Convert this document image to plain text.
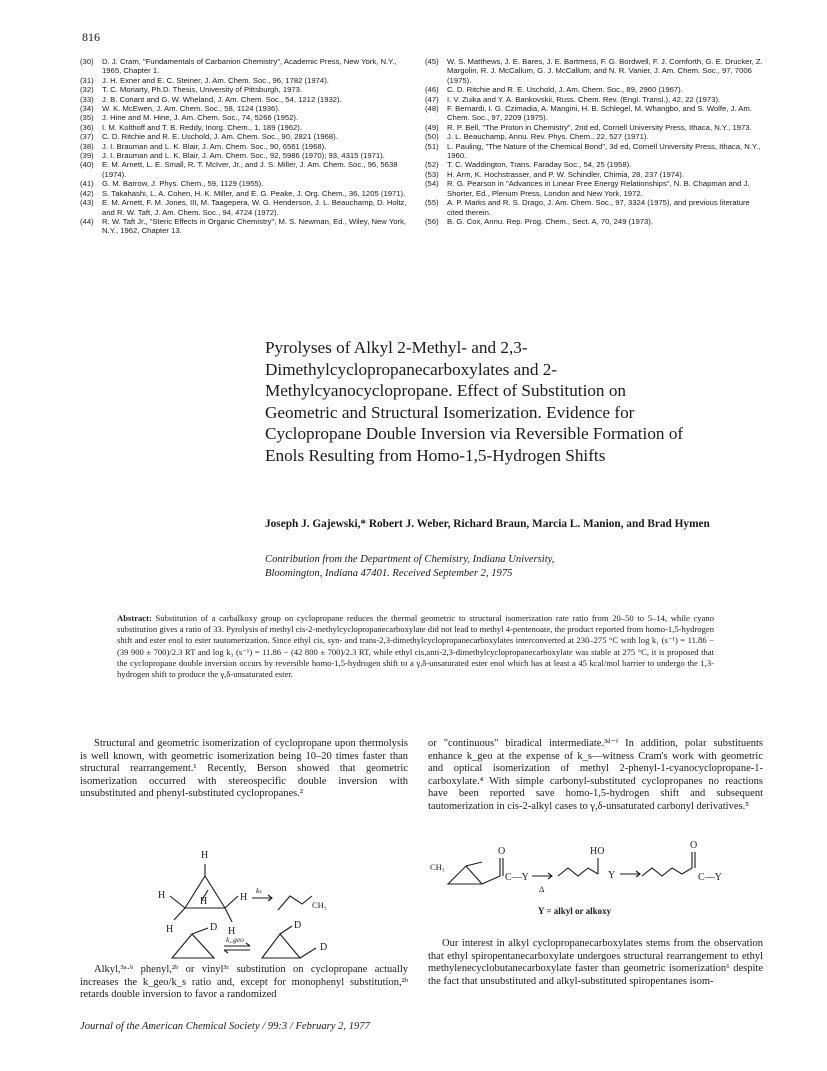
816
(30)	D. J. Cram, "Fundamentals of Carbanion Chemistry", Academic Press, New York, N.Y., 1965, Chapter 1.
(31)	J. H. Exner and E. C. Steiner, J. Am. Chem. Soc., 96, 1782 (1974).
(32)	T. C. Moriarty, Ph.D. Thesis, University of Pittsburgh, 1973.
(33)	J. B. Conant and G. W. Wheland, J. Am. Chem. Soc., 54, 1212 (1932).
(34)	W. K. McEwen, J. Am. Chem. Soc., 58, 1124 (1936).
(35)	J. Hine and M. Hine, J. Am. Chem. Soc., 74, 5266 (1952).
(36)	I. M. Kolthoff and T. B. Reddy, Inorg. Chem., 1, 189 (1962).
(37)	C. D. Ritchie and R. E. Uschold, J. Am. Chem. Soc., 90, 2821 (1968).
(38)	J. I. Brauman and L. K. Blair, J. Am. Chem. Soc., 90, 6561 (1968).
(39)	J. I. Brauman and L. K. Blair, J. Am. Chem. Soc., 92, 5986 (1970); 93, 4315 (1971).
(40)	E. M. Arnett, L. E. Small, R. T. McIver, Jr., and J. S. Miller, J. Am. Chem. Soc., 96, 5638 (1974).
(41)	G. M. Barrow, J. Phys. Chem., 59, 1129 (1955).
(42)	S. Takahashi, L. A. Cohen, H. K. Miller, and E. G. Peake, J. Org. Chem., 36, 1205 (1971).
(43)	E. M. Arnett, F. M. Jones, III, M. Taagepera, W. G. Henderson, J. L. Beauchamp, D. Holtz, and R. W. Taft, J. Am. Chem. Soc., 94, 4724 (1972).
(44)	R. W. Taft Jr., "Steric Effects in Organic Chemistry", M. S. Newman, Ed., Wiley, New York, N.Y., 1962, Chapter 13.
(45)	W. S. Matthews, J. E. Bares, J. E. Bartmess, F. G. Bordwell, F. J. Cornforth, G. E. Drucker, Z. Margolin, R. J. McCallum, G. J. McCallum, and N. R. Vanier, J. Am. Chem. Soc., 97, 7006 (1975).
(46)	C. D. Ritchie and R. E. Uschold, J. Am. Chem. Soc., 89, 2960 (1967).
(47)	I. V. Zuika and Y. A. Bankovskii, Russ. Chem. Rev. (Engl. Transl.), 42, 22 (1973).
(48)	F. Bernardi, I. G. Czimadia, A. Mangini, H. B. Schlegel, M. Whangbo, and S. Wolfe, J. Am. Chem. Soc., 97, 2209 (1975).
(49)	R. P. Bell, "The Proton in Chemistry", 2nd ed, Cornell University Press, Ithaca, N.Y., 1973.
(50)	J. L. Beauchamp, Annu. Rev. Phys. Chem., 22, 527 (1971).
(51)	L. Pauling, "The Nature of the Chemical Bond", 3d ed, Cornell University Press, Ithaca, N.Y., 1960.
(52)	T. C. Waddington, Trans. Faraday Soc., 54, 25 (1958).
(53)	H. Arm, K. Hochstrasser, and P. W. Schindler, Chimia, 28, 237 (1974).
(54)	R. G. Pearson in "Advances in Linear Free Energy Relationships", N. B. Chapman and J. Shorter, Ed., Plenum Press, London and New York, 1972.
(55)	A. P. Marks and R. S. Drago, J. Am. Chem. Soc., 97, 3324 (1975), and previous literature cited therein.
(56)	B. G. Cox, Annu. Rep. Prog. Chem., Sect. A, 70, 249 (1973).
Pyrolyses of Alkyl 2-Methyl- and 2,3-Dimethylcyclopropanecarboxylates and 2-Methylcyanocyclopropane. Effect of Substitution on Geometric and Structural Isomerization. Evidence for Cyclopropane Double Inversion via Reversible Formation of Enols Resulting from Homo-1,5-Hydrogen Shifts
Joseph J. Gajewski,* Robert J. Weber, Richard Braun, Marcia L. Manion, and Brad Hymen
Contribution from the Department of Chemistry, Indiana University,
Bloomington, Indiana 47401. Received September 2, 1975
Abstract: Substitution of a carbalkoxy group on cyclopropane reduces the thermal geometric to structural isomerization rate ratio from 20–50 to 5–14, while cyano substitution gives a ratio of 33. Pyrolysis of methyl cis-2-methylcyclopropanecarboxylate did not lead to methyl 4-pentenoate, the product reported from homo-1,5-hydrogen shift and ester enol to ester tautomerization. Since ethyl cis, syn- and trans-2,3-dimethylcyclopropanecarboxylates interconverted at 230–275 °C with log k₁ (s⁻¹) = 11.86 − (39 900 ± 700)/2.3 RT and log k₃ (s⁻¹) = 11.86 − (42 800 ± 700)/2.3 RT, while ethyl cis,anti-2,3-dimethylcyclopropanecarboxylate was stable at 275 °C, it is proposed that the cyclopropane double inversion occurs by reversible homo-1,5-hydrogen shift to a γ,δ-unsaturated ester enol which has at least a 45 kcal/mol barrier to undergo the 1,3-hydrogen shift to produce the γ,δ-unsaturated ester.
Structural and geometric isomerization of cyclopropane upon thermolysis is well known, with geometric isomerization being 10–20 times faster than structural rearrangement.¹ Recently, Berson showed that geometric isomerization occurred with stereospecific double inversion with unsubstituted and phenyl-substituted cyclopropanes.²
H
H
H	H
H	H
kₛ
CH₃
D
k_geo
D
D
Alkyl,³ᵃ·ᵇ phenyl,²ᵇ or vinyl³ᶜ substitution on cyclopropane actually increases the k_geo/k_s ratio and, except for monophenyl substitution,²ᵇ retards double inversion to favor a randomized
or "continuous" biradical intermediate.³ᵈ⁻ᶠ In addition, polar substituents enhance k_geo at the expense of k_s—witness Cram's work with geometric and optical isomerization of methyl 2-phenyl-1-cyanocyclopropane-1-carboxylate.⁴ With simple carbonyl-substituted cyclopropanes no reactions have been reported save homo-1,5-hydrogen shift and subsequent tautomerization in cis-2-alkyl cases to γ,δ-unsaturated carbonyl derivatives.⁵
O	HO
O
CH₃
C—Y
Δ
Y	C—Y
Y = alkyl or alkoxy
Our interest in alkyl cyclopropanecarboxylates stems from the observation that ethyl spiropentanecarboxylate undergoes structural rearrangement to ethyl methylenecyclobutanecarboxylate faster than geometric isomerization⁶ despite the fact that unsubstituted and alkyl-substituted spiropentanes isom-
Journal of the American Chemical Society / 99:3 / February 2, 1977
